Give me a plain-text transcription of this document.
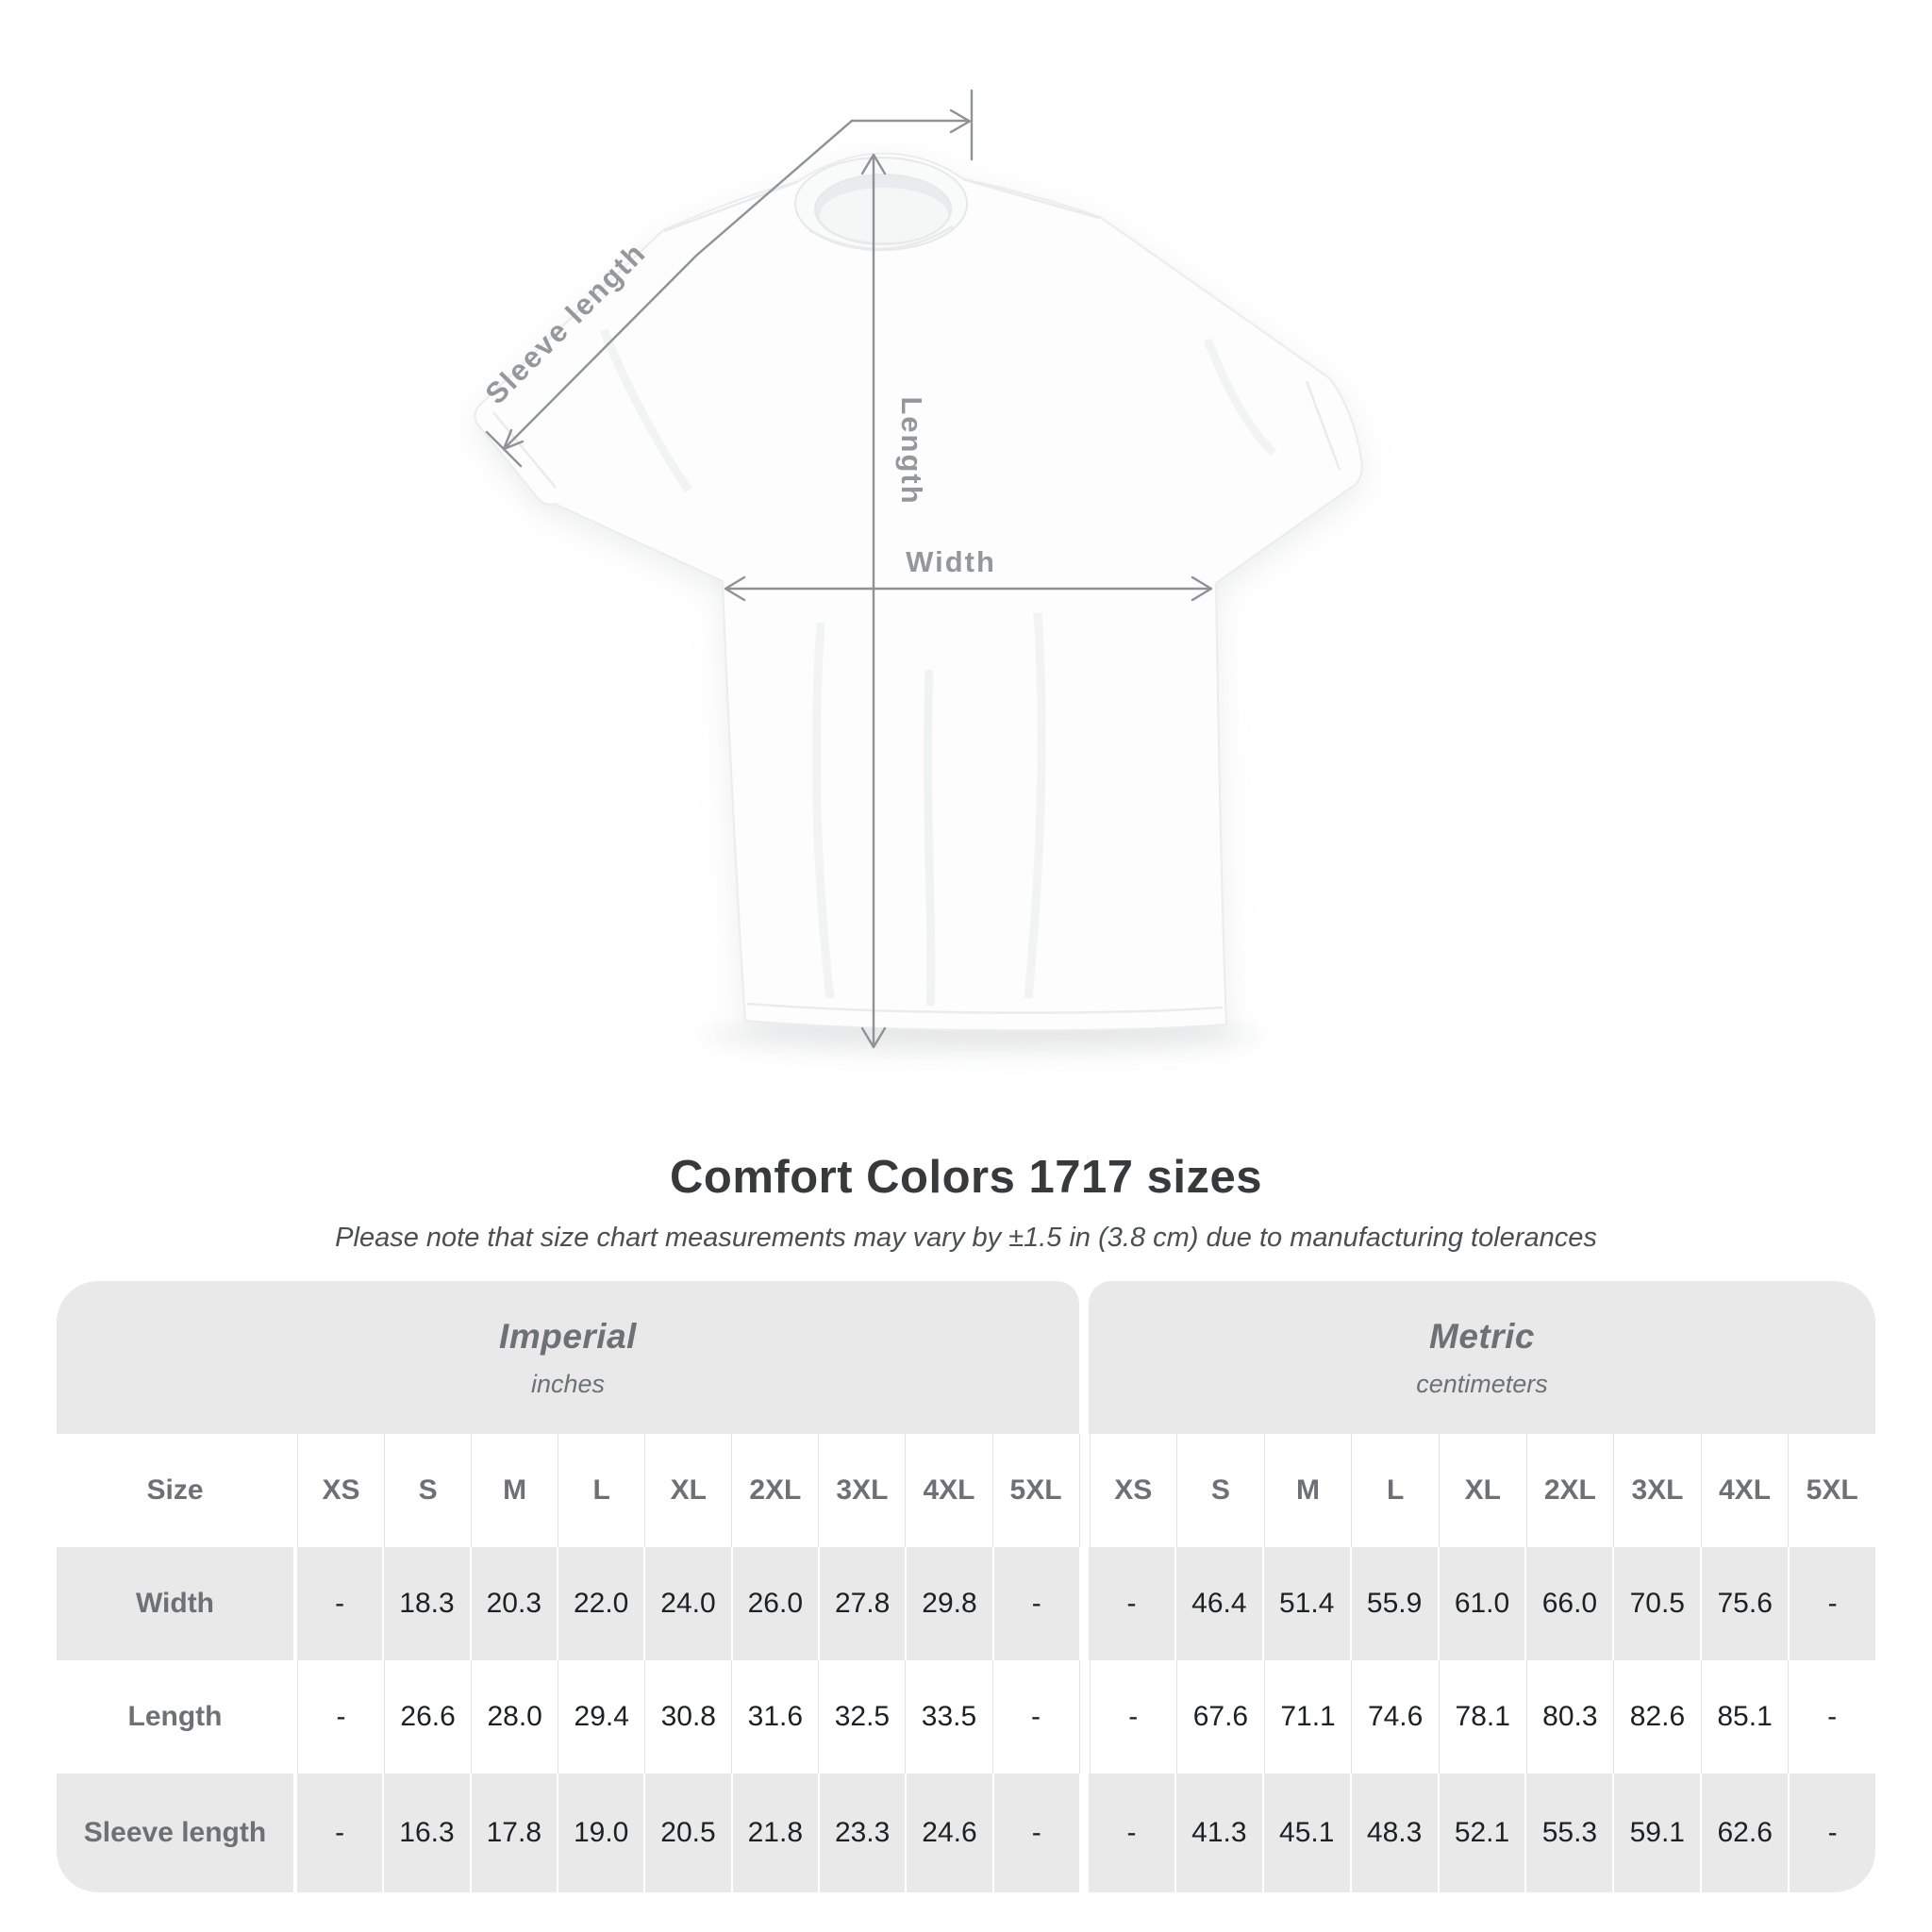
Sleeve length
Length
Width
Comfort Colors 1717 sizes
Please note that size chart measurements may vary by ±1.5 in (3.8 cm) due to manufacturing tolerances
Imperial
inches
Metric
centimeters
Size	XS	S	M	L	XL	2XL	3XL	4XL	5XL	XS	S	M	L	XL	2XL	3XL	4XL	5XL
Width	-	18.3	20.3	22.0	24.0	26.0	27.8	29.8	-	-	46.4	51.4	55.9	61.0	66.0	70.5	75.6	-
Length	-	26.6	28.0	29.4	30.8	31.6	32.5	33.5	-	-	67.6	71.1	74.6	78.1	80.3	82.6	85.1	-
Sleeve length	-	16.3	17.8	19.0	20.5	21.8	23.3	24.6	-	-	41.3	45.1	48.3	52.1	55.3	59.1	62.6	-
